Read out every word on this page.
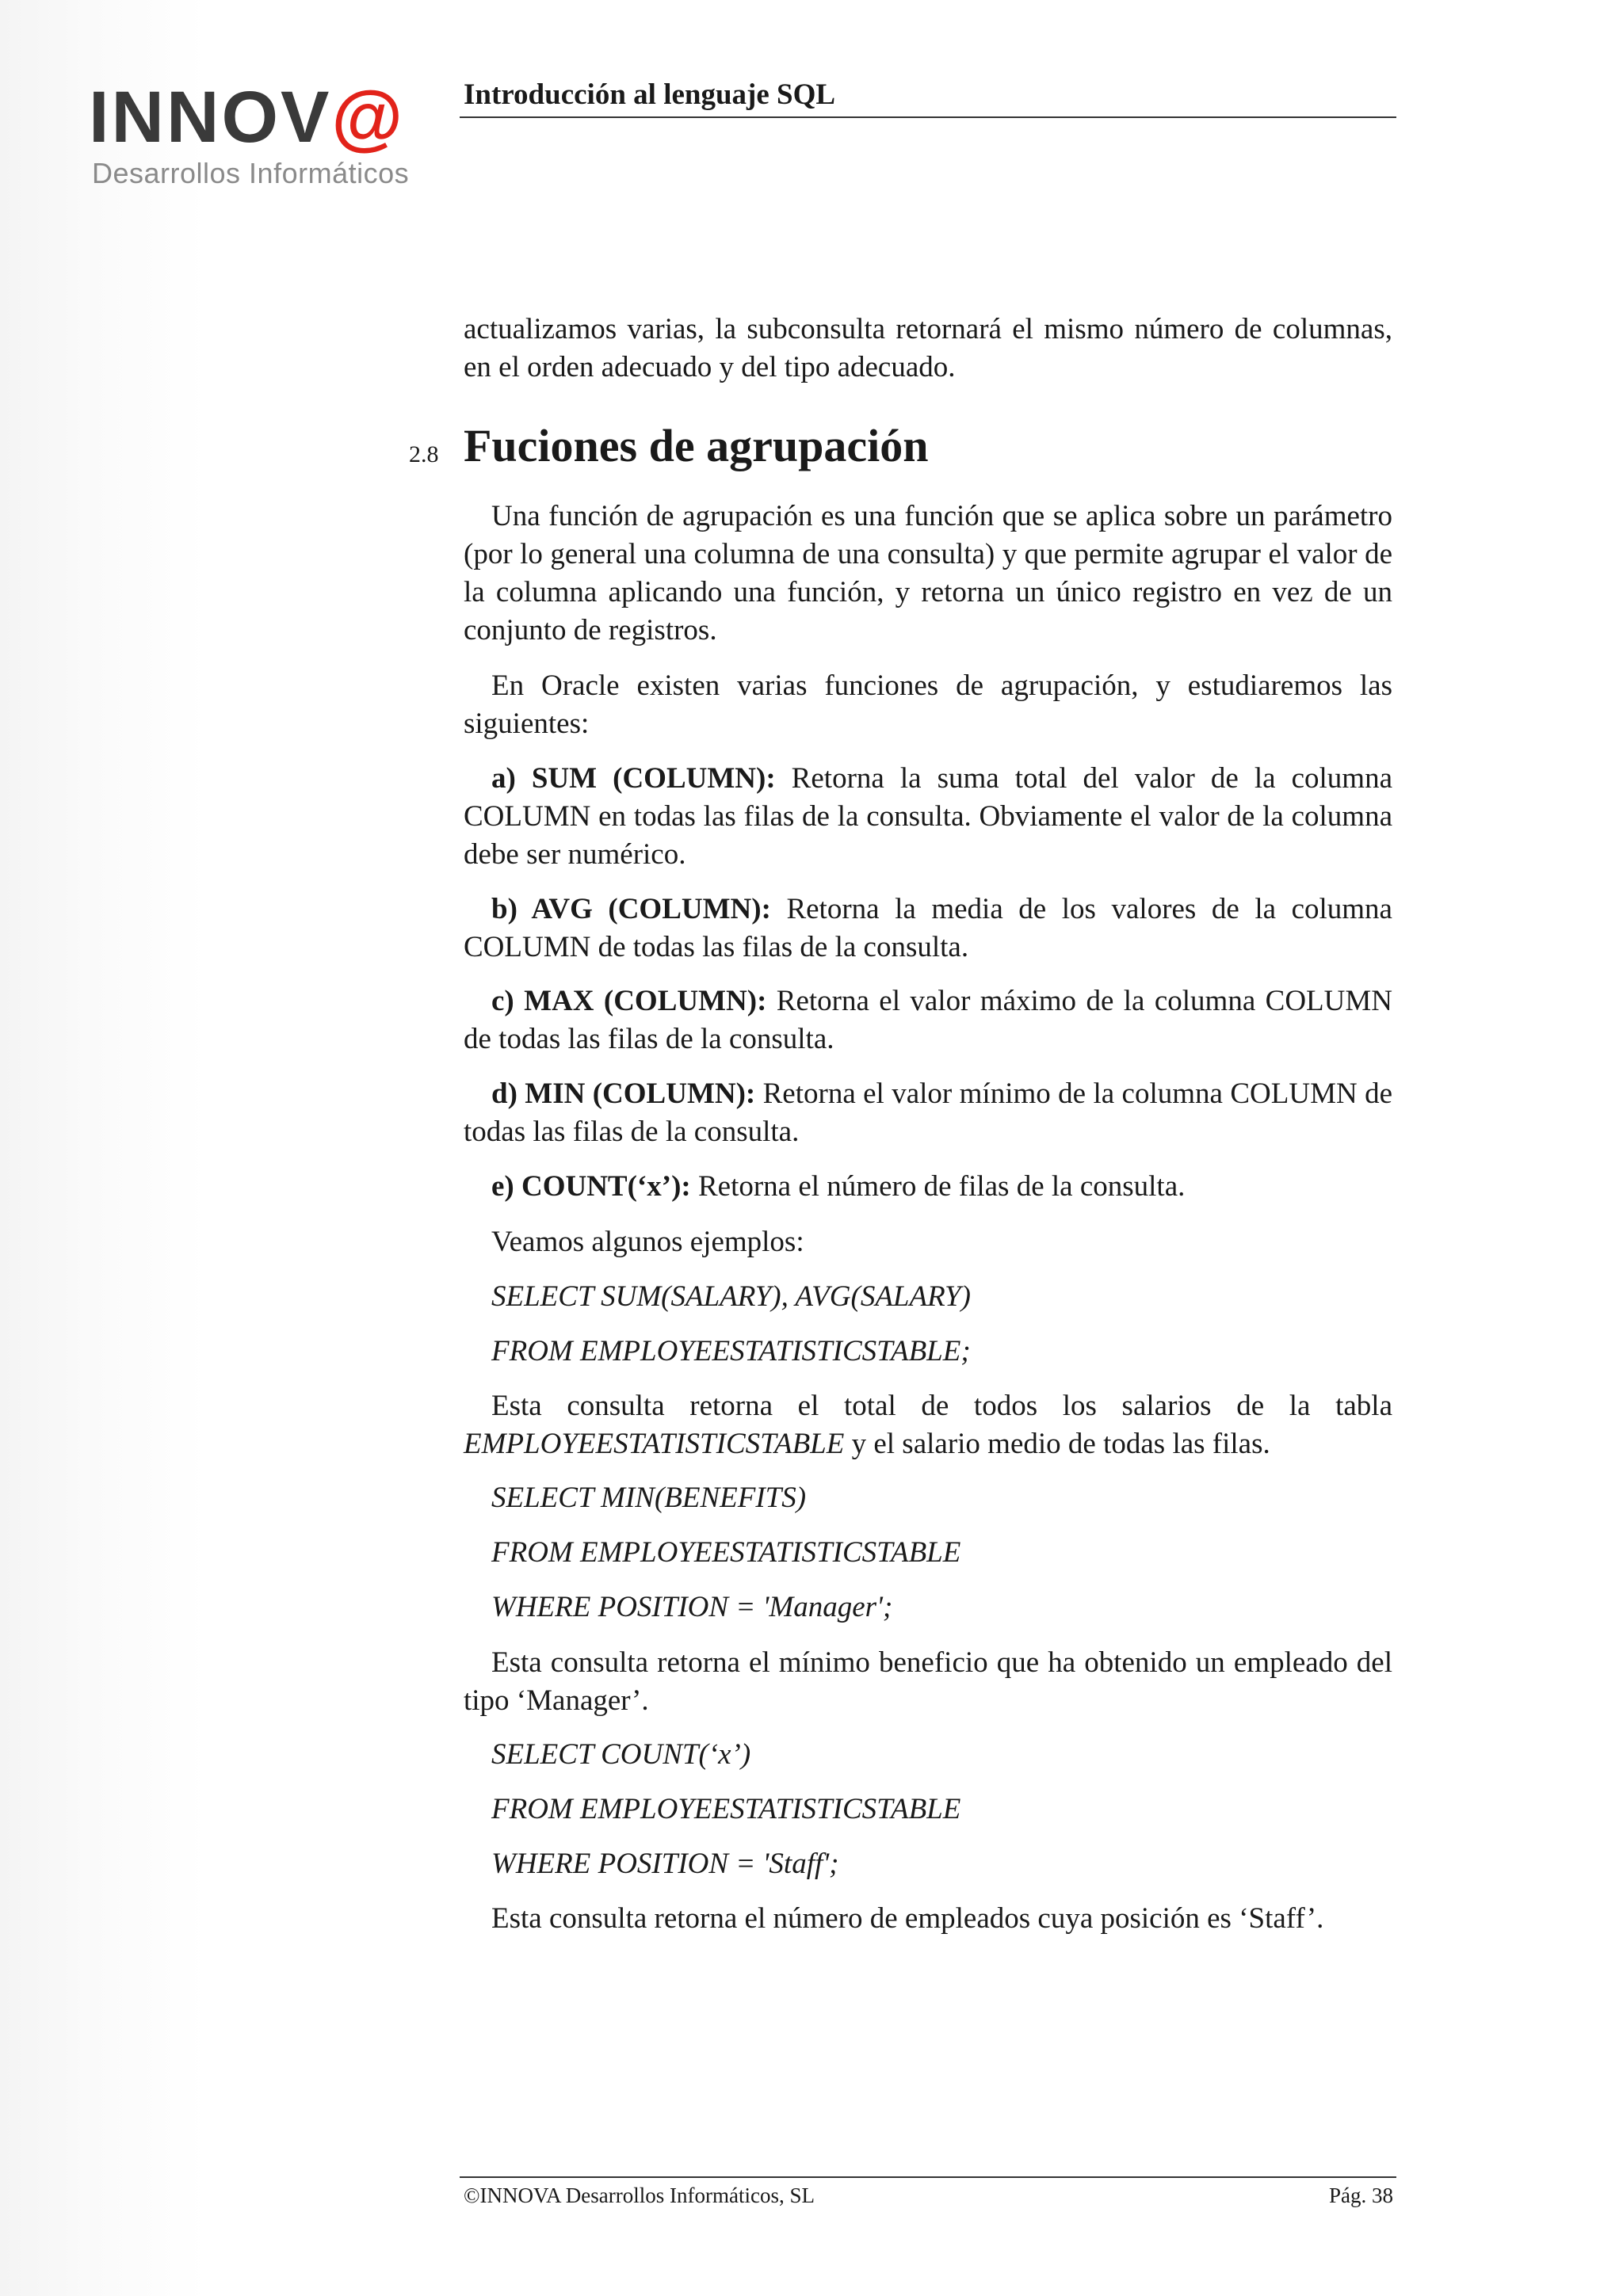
INNOV@
Desarrollos Informáticos
Introducción al lenguaje SQL
actualizamos varias, la subconsulta retornará el mismo número de columnas, en el orden adecuado y del tipo adecuado.
2.8 Fuciones de agrupación
Una función de agrupación es una función que se aplica sobre un parámetro (por lo general una columna de una consulta) y que permite agrupar el valor de la columna aplicando una función, y retorna un único registro en vez de un conjunto de registros.
En Oracle existen varias funciones de agrupación, y estudiaremos las siguientes:
a) SUM (COLUMN): Retorna la suma total del valor de la columna COLUMN en todas las filas de la consulta. Obviamente el valor de la columna debe ser numérico.
b) AVG (COLUMN): Retorna la media de los valores de la columna COLUMN de todas las filas de la consulta.
c) MAX (COLUMN): Retorna el valor máximo de la columna COLUMN de todas las filas de la consulta.
d) MIN (COLUMN): Retorna el valor mínimo de la columna COLUMN de todas las filas de la consulta.
e) COUNT(‘x’): Retorna el número de filas de la consulta.
Veamos algunos ejemplos:
SELECT SUM(SALARY), AVG(SALARY)
FROM EMPLOYEESTATISTICSTABLE;
Esta consulta retorna el total de todos los salarios de la tabla EMPLOYEESTATISTICSTABLE y el salario medio de todas las filas.
SELECT MIN(BENEFITS)
FROM EMPLOYEESTATISTICSTABLE
WHERE POSITION = 'Manager';
Esta consulta retorna el mínimo beneficio que ha obtenido un empleado del tipo ‘Manager’.
SELECT COUNT(‘x’)
FROM EMPLOYEESTATISTICSTABLE
WHERE POSITION = 'Staff';
Esta consulta retorna el número de empleados cuya posición es ‘Staff’.
©INNOVA Desarrollos Informáticos, SL	Pág. 38
